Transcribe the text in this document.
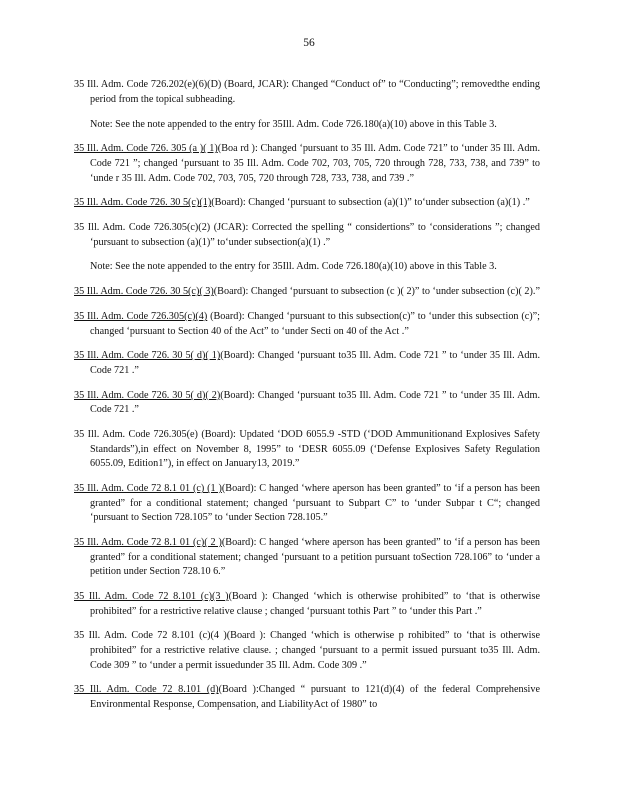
56

35 Ill. Adm. Code 726.202(e)(6)(D) (Board, JCAR): Changed “Conduct of” to “Conducting”; removedthe ending period from the topical subheading.

Note: See the note appended to the entry for 35Ill. Adm. Code 726.180(a)(10) above in this Table 3.

35 Ill. Adm. Code 726. 305 (a )( 1)(Boa rd ): Changed ‘pursuant to 35 Ill. Adm. Code 721” to ‘under 35 Ill. Adm. Code 721 ”; changed ‘pursuant to 35 Ill. Adm. Code 702, 703, 705, 720 through 728, 733, 738, and 739” to ‘unde r 35 Ill. Adm. Code 702, 703, 705, 720 through 728, 733, 738, and 739 .”

35 Ill. Adm. Code 726. 30 5(c)(1)(Board): Changed ‘pursuant to subsection (a)(1)” to‘under subsection (a)(1) .”

35 Ill. Adm. Code 726.305(c)(2) (JCAR): Corrected the spelling “ considertions” to ‘considerations ”; changed ‘pursuant to subsection (a)(1)” to‘under subsection(a)(1) .”

Note: See the note appended to the entry for 35Ill. Adm. Code 726.180(a)(10) above in this Table 3.

35 Ill. Adm. Code 726. 30 5(c)( 3)(Board): Changed ‘pursuant to subsection (c )( 2)” to ‘under subsection (c)( 2).”

35 Ill. Adm. Code 726.305(c)(4) (Board): Changed ‘pursuant to this subsection(c)” to ‘under this subsection (c)”; changed ‘pursuant to Section 40 of the Act” to ‘under Secti on 40 of the Act .”

35 Ill. Adm. Code 726. 30 5( d)( 1)(Board): Changed ‘pursuant to35 Ill. Adm. Code 721 ” to ‘under 35 Ill. Adm. Code 721 .”

35 Ill. Adm. Code 726. 30 5( d)( 2)(Board): Changed ‘pursuant to35 Ill. Adm. Code 721 ” to ‘under 35 Ill. Adm. Code 721 .”

35 Ill. Adm. Code 726.305(e) (Board): Updated ‘DOD 6055.9 -STD (‘DOD Ammunitionand Explosives Safety Standards”),in effect on November 8, 1995” to ‘DESR 6055.09 (‘Defense Explosives Safety Regulation 6055.09, Edition1”), in effect on January13, 2019.”

35 Ill. Adm. Code 72 8.1 01 (c) (1 )(Board): C hanged ‘where aperson has been granted” to ‘if a person has been granted” for a conditional statement; changed ‘pursuant to Subpart C” to ‘under Subpar t C“; changed ‘pursuant to Section 728.105” to ‘under Section 728.105.”

35 Ill. Adm. Code 72 8.1 01 (c)( 2 )(Board): C hanged ‘where aperson has been granted” to ‘if a person has been granted” for a conditional statement; changed ‘pursuant to a petition pursuant toSection 728.106” to ‘under a petition under Section 728.10 6.”

35 Ill. Adm. Code 72 8.101 (c)(3 )(Board ): Changed ‘which is otherwise prohibited” to ‘that is otherwise prohibited” for a restrictive relative clause ; changed ‘pursuant tothis Part ” to ‘under this Part .”

35 Ill. Adm. Code 72 8.101 (c)(4 )(Board ): Changed ‘which is otherwise p rohibited” to ‘that is otherwise prohibited” for a restrictive relative clause. ; changed ‘pursuant to a permit issued pursuant to35 Ill. Adm. Code 309 ” to ‘under a permit issuedunder 35 Ill. Adm. Code 309 .”

35 Ill. Adm. Code 72 8.101 (d)(Board ):Changed “ pursuant to 121(d)(4) of the federal Comprehensive Environmental Response, Compensation, and LiabilityAct of 1980” to
